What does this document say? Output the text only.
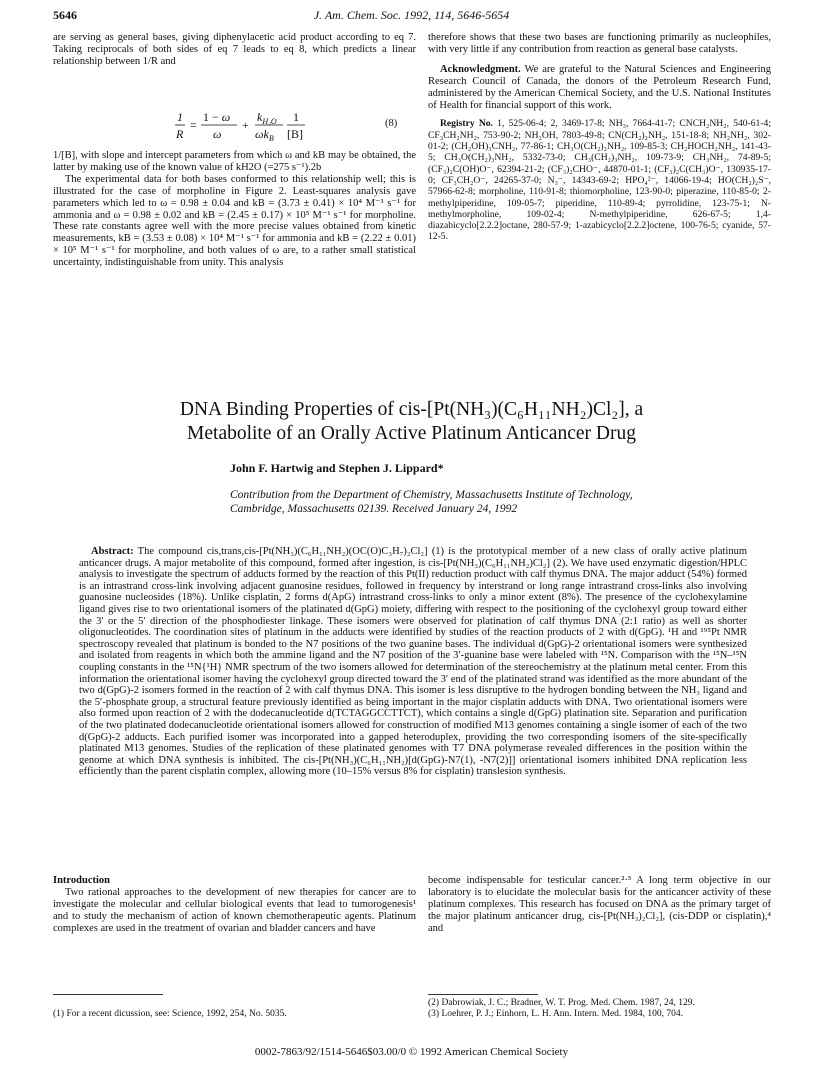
5646	J. Am. Chem. Soc. 1992, 114, 5646-5654

are serving as general bases, giving diphenylacetic acid product according to eq 7. Taking reciprocals of both sides of eq 7 leads to eq 8, which predicts a linear relationship between 1/R and

1
R
=
1 − ω
ω
+
$k_{H_2O}$
$\omega k_B$
1
[B]
(8)

1/[B], with slope and intercept parameters from which ω and kB may be obtained, the latter by making use of the known value of kH2O (=275 s⁻¹).2b

The experimental data for both bases conformed to this relationship well; this is illustrated for the case of morpholine in Figure 2. Least-squares analysis gave parameters which led to ω = 0.98 ± 0.04 and kB = (3.73 ± 0.41) × 10⁴ M⁻¹ s⁻¹ for ammonia and ω = 0.98 ± 0.02 and kB = (2.45 ± 0.17) × 10⁵ M⁻¹ s⁻¹ for morpholine. These rate constants agree well with the more precise values obtained from kinetic measurements, kB = (3.53 ± 0.08) × 10⁴ M⁻¹ s⁻¹ for ammonia and kB = (2.22 ± 0.01) × 10⁵ M⁻¹ s⁻¹ for morpholine, and both values of ω are, to a rather small statistical uncertainty, indistinguishable from unity. This analysis

therefore shows that these two bases are functioning primarily as nucleophiles, with very little if any contribution from reaction as general base catalysts.

Acknowledgment. We are grateful to the Natural Sciences and Engineering Research Council of Canada, the donors of the Petroleum Research Fund, administered by the American Chemical Society, and the U.S. National Institutes of Health for financial support of this work.

Registry No. 1, 525-06-4; 2, 3469-17-8; NH₃, 7664-41-7; CNCH₂NH₂, 540-61-4; CF₃CH₂NH₂, 753-90-2; NH₂OH, 7803-49-8; CN(CH₂)₂NH₂, 151-18-8; NH₂NH₂, 302-01-2; (CH₂OH)₃CNH₂, 77-86-1; CH₃O(CH₂)₂NH₂, 109-85-3; CH₂HOCH₂NH₂, 141-43-5; CH₃O(CH₂)₃NH₂, 5332-73-0; CH₃(CH₂)₃NH₂, 109-73-9; CH₃NH₂, 74-89-5; (CF₃)₂C(OH)O⁻, 62394-21-2; (CF₃)₂CHO⁻, 44870-01-1; (CF₃)₂C(CH₃)O⁻, 130935-17-0; CF₃CH₂O⁻, 24265-37-0; N₃⁻, 14343-69-2; HPO₄²⁻, 14066-19-4; HO(CH₂)₂S⁻, 57966-62-8; morpholine, 110-91-8; thiomorpholine, 123-90-0; piperazine, 110-85-0; 2-methylpiperidine, 109-05-7; piperidine, 110-89-4; pyrrolidine, 123-75-1; N-methylmorpholine, 109-02-4; N-methylpiperidine, 626-67-5; 1,4-diazabicyclo[2.2.2]octane, 280-57-9; 1-azabicyclo[2.2.2]octene, 100-76-5; cyanide, 57-12-5.

DNA Binding Properties of cis-[Pt(NH₃)(C₆H₁₁NH₂)Cl₂], a
Metabolite of an Orally Active Platinum Anticancer Drug
John F. Hartwig and Stephen J. Lippard*
Contribution from the Department of Chemistry, Massachusetts Institute of Technology,
Cambridge, Massachusetts 02139. Received January 24, 1992
Abstract: The compound cis,trans,cis-[Pt(NH₃)(C₆H₁₁NH₂)(OC(O)C₃H₇)₂Cl₂] (1) is the prototypical member of a new class of orally active platinum anticancer drugs. A major metabolite of this compound, formed after ingestion, is cis-[Pt(NH₃)(C₆H₁₁NH₂)Cl₂] (2). We have used enzymatic digestion/HPLC analysis to investigate the spectrum of adducts formed by the reaction of this Pt(II) reduction product with calf thymus DNA. The major adduct (54%) formed is an intrastrand cross-link involving adjacent guanosine residues, followed in frequency by interstrand or long range intrastrand cross-links also involving guanosine nucleosides (18%). Unlike cisplatin, 2 forms d(ApG) intrastrand cross-links to only a minor extent (8%). The presence of the cyclohexylamine ligand gives rise to two orientational isomers of the platinated d(GpG) moiety, differing with respect to the positioning of the cyclohexyl group toward either the 3′ or the 5′ direction of the phosphodiester linkage. These isomers were observed for platination of calf thymus DNA (2:1 ratio) as well as shorter oligonucleotides. The coordination sites of platinum in the adducts were identified by studies of the reaction products of 2 with d(GpG). ¹H and ¹⁹⁵Pt NMR spectroscopy revealed that platinum is bonded to the N7 positions of the two guanine bases. The individual d(GpG)-2 orientational isomers were synthesized and isolated from reagents in which both the ammine ligand and the N7 position of the 3′-guanine base were labeled with ¹⁵N. Comparison with the ¹⁵N–¹⁵N coupling constants in the ¹⁵N{¹H} NMR spectrum of the two isomers allowed for determination of the stereochemistry at the platinum metal center. From this information the orientational isomer having the cyclohexyl group directed toward the 3′ end of the platinated strand was identified as the more abundant of the two d(GpG)-2 isomers formed in the reaction of 2 with calf thymus DNA. This isomer is less disruptive to the hydrogen bonding between the NH₃ ligand and the 5′-phosphate group, a structural feature previously identified as being important in the major cisplatin adducts with DNA. Two orientational isomers were also formed upon reaction of 2 with the dodecanucleotide d(TCTAGGCCTTCT), which contains a single d(GpG) platination site. Separation and purification of the two platinated dodecanucleotide orientational isomers allowed for construction of modified M13 genomes containing a single isomer of each of the two d(GpG)-2 adducts. Each purified isomer was incorporated into a gapped heteroduplex, providing the two corresponding isomers of the site-specifically platinated M13 genomes. Studies of the replication of these platinated genomes with T7 DNA polymerase revealed differences in the position within the genome at which DNA synthesis is inhibited. The cis-[Pt(NH₃)(C₆H₁₁NH₂)[d(GpG)-N7(1), -N7(2)]] orientational isomers inhibited DNA replication less efficiently than the parent cisplatin complex, allowing more (10–15% versus 8% for cisplatin) translesion synthesis.
Introduction

Two rational approaches to the development of new therapies for cancer are to investigate the molecular and cellular biological events that lead to tumorogenesis¹ and to study the mechanism of action of known chemotherapeutic agents. Platinum complexes are used in the treatment of ovarian and bladder cancers and have

become indispensable for testicular cancer.²·³ A long term objective in our laboratory is to elucidate the molecular basis for the anticancer activity of these platinum complexes. This research has focused on DNA as the primary target of the major platinum anticancer drug, cis-[Pt(NH₃)₂Cl₂], (cis-DDP or cisplatin),⁴ and

(1) For a recent dicussion, see: Science, 1992, 254, No. 5035.
(2) Dabrowiak, J. C.; Bradner, W. T. Prog. Med. Chem. 1987, 24, 129.
(3) Loehrer, P. J.; Einhorn, L. H. Ann. Intern. Med. 1984, 100, 704.
0002-7863/92/1514-5646$03.00/0 © 1992 American Chemical Society
